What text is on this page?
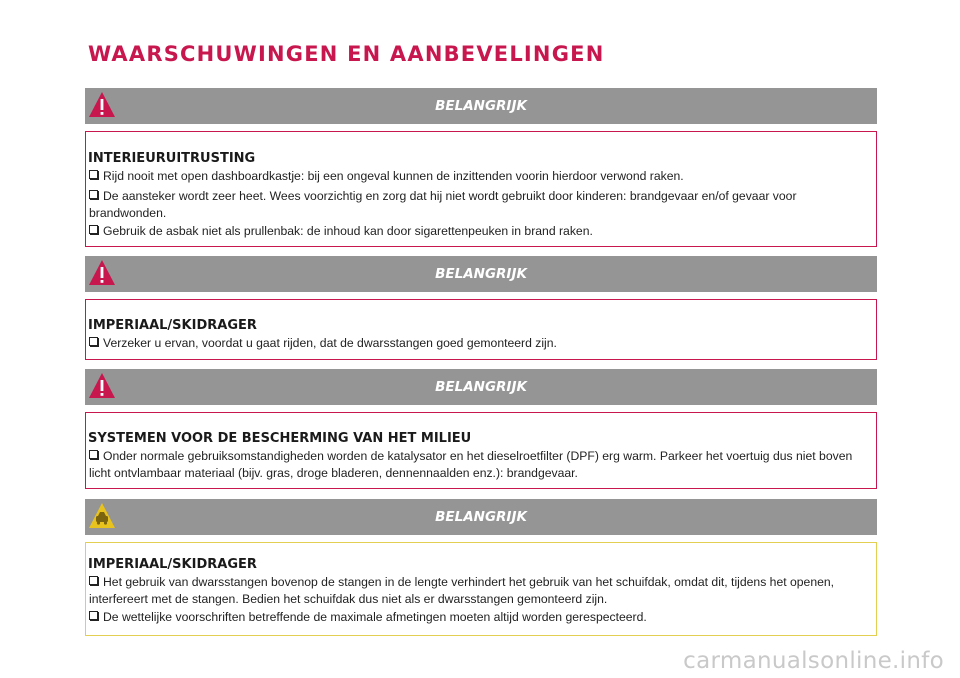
WAARSCHUWINGEN EN AANBEVELINGEN
BELANGRIJK
INTERIEURUITRUSTING
Rijd nooit met open dashboardkastje: bij een ongeval kunnen de inzittenden voorin hierdoor verwond raken.
De aansteker wordt zeer heet. Wees voorzichtig en zorg dat hij niet wordt gebruikt door kinderen: brandgevaar en/of gevaar voor brandwonden.
Gebruik de asbak niet als prullenbak: de inhoud kan door sigarettenpeuken in brand raken.
BELANGRIJK
IMPERIAAL/SKIDRAGER
Verzeker u ervan, voordat u gaat rijden, dat de dwarsstangen goed gemonteerd zijn.
BELANGRIJK
SYSTEMEN VOOR DE BESCHERMING VAN HET MILIEU
Onder normale gebruiksomstandigheden worden de katalysator en het dieselroetfilter (DPF) erg warm. Parkeer het voertuig dus niet boven licht ontvlambaar materiaal (bijv. gras, droge bladeren, dennennaalden enz.): brandgevaar.
BELANGRIJK
IMPERIAAL/SKIDRAGER
Het gebruik van dwarsstangen bovenop de stangen in de lengte verhindert het gebruik van het schuifdak, omdat dit, tijdens het openen, interfereert met de stangen. Bedien het schuifdak dus niet als er dwarsstangen gemonteerd zijn.
De wettelijke voorschriften betreffende de maximale afmetingen moeten altijd worden gerespecteerd.
carmanualsonline.info
